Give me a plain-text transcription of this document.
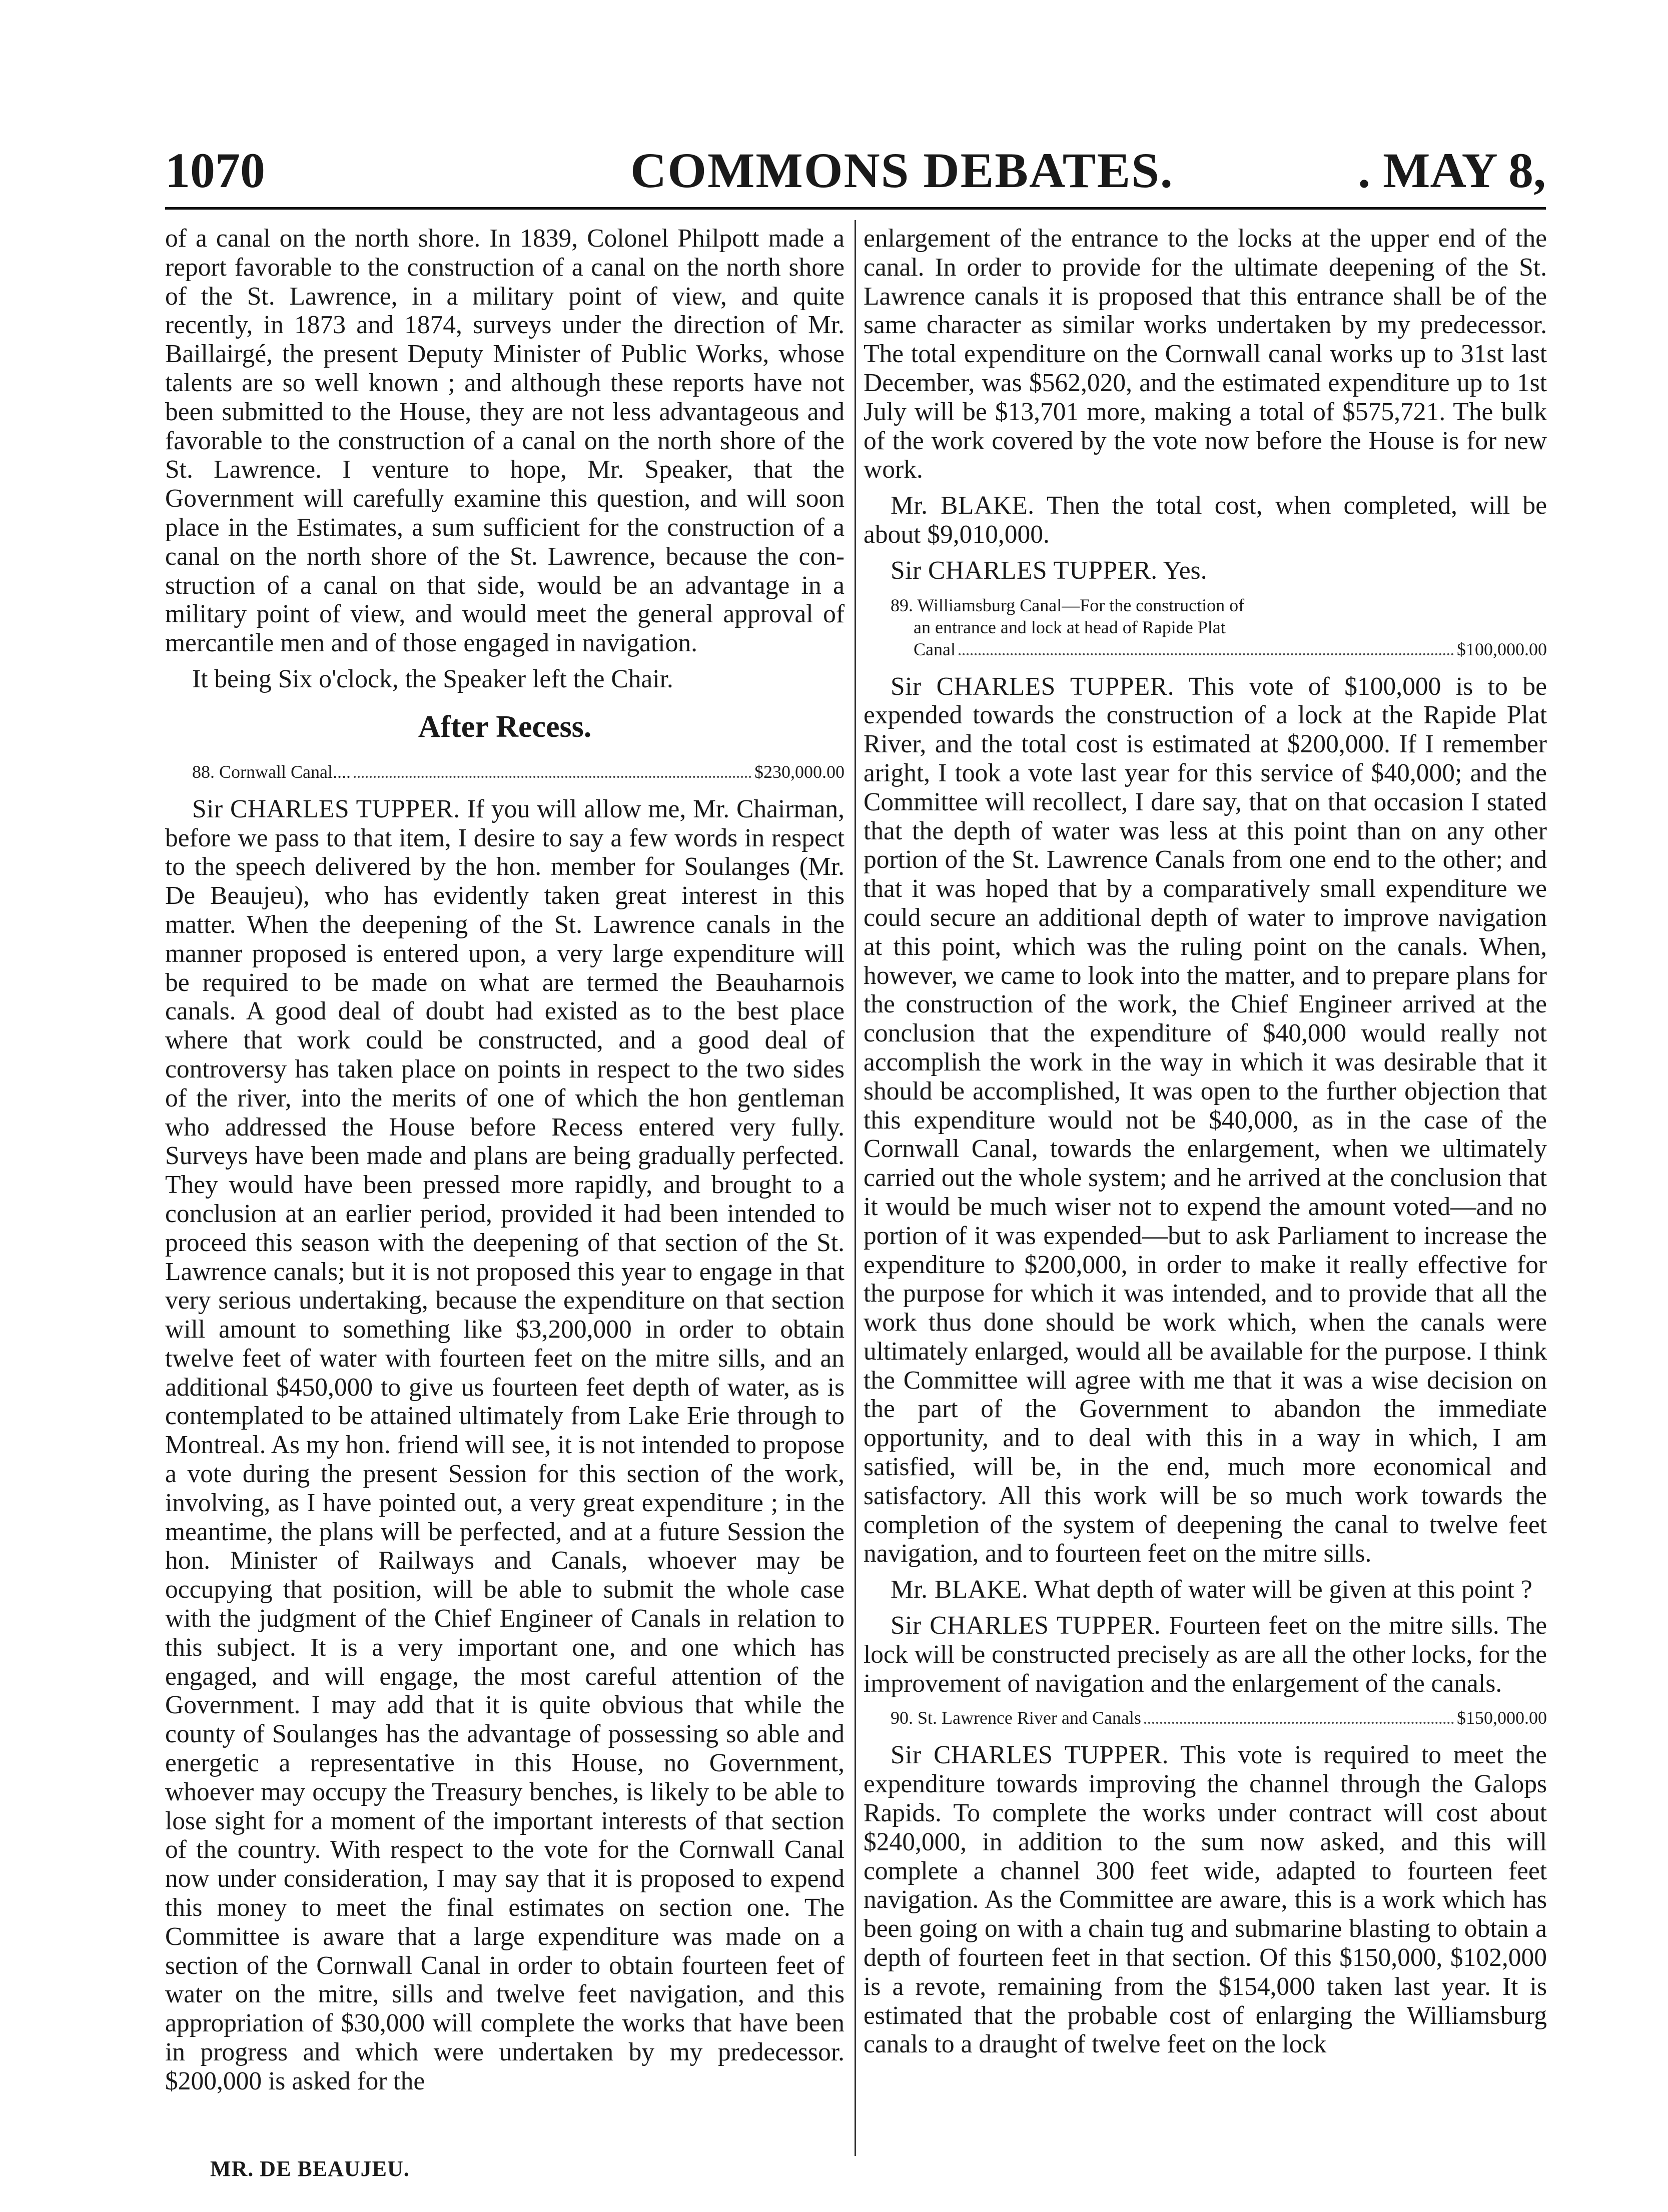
1070	COMMONS DEBATES.	. MAY 8,

of a canal on the north shore. In 1839, Colonel Philpott made a report favorable to the construction of a canal on the north shore of the St. Lawrence, in a military point of view, and quite recently, in 1873 and 1874, surveys under the direction of Mr. Baillairgé, the present Deputy Minister of Public Works, whose talents are so well known ; and although these reports have not been submitted to the House, they are not less advantageous and favorable to the construction of a canal on the north shore of the St. Lawrence. I venture to hope, Mr. Speaker, that the Government will carefully examine this question, and will soon place in the Estimates, a sum sufficient for the construction of a canal on the north shore of the St. Lawrence, because the construction of a canal on that side, would be an advantage in a military point of view, and would meet the general approval of mercantile men and of those engaged in navigation.

It being Six o'clock, the Speaker left the Chair.

After Recess.
88. Cornwall Canal....	$230,000.00

Sir CHARLES TUPPER. If you will allow me, Mr. Chairman, before we pass to that item, I desire to say a few words in respect to the speech delivered by the hon. member for Soulanges (Mr. De Beaujeu), who has evidently taken great interest in this matter. When the deepening of the St. Lawrence canals in the manner proposed is entered upon, a very large expenditure will be required to be made on what are termed the Beauharnois canals. A good deal of doubt had existed as to the best place where that work could be constructed, and a good deal of controversy has taken place on points in respect to the two sides of the river, into the merits of one of which the hon gentleman who addressed the House before Recess entered very fully. Surveys have been made and plans are being gradually perfected. They would have been pressed more rapidly, and brought to a conclusion at an earlier period, provided it had been intended to proceed this season with the deepening of that section of the St. Lawrence canals; but it is not proposed this year to engage in that very serious undertaking, because the expenditure on that section will amount to something like $3,200,000 in order to obtain twelve feet of water with fourteen feet on the mitre sills, and an additional $450,000 to give us fourteen feet depth of water, as is contemplated to be attained ultimately from Lake Erie through to Montreal. As my hon. friend will see, it is not intended to propose a vote during the present Session for this section of the work, involving, as I have pointed out, a very great expenditure ; in the meantime, the plans will be perfected, and at a future Session the hon. Minister of Railways and Canals, whoever may be occupying that position, will be able to submit the whole case with the judgment of the Chief Engineer of Canals in relation to this subject. It is a very important one, and one which has engaged, and will engage, the most careful attention of the Government. I may add that it is quite obvious that while the county of Soulanges has the advantage of possessing so able and energetic a representative in this House, no Government, whoever may occupy the Treasury benches, is likely to be able to lose sight for a moment of the important interests of that section of the country. With respect to the vote for the Cornwall Canal now under consideration, I may say that it is proposed to expend this money to meet the final estimates on section one. The Committee is aware that a large expenditure was made on a section of the Cornwall Canal in order to obtain fourteen feet of water on the mitre, sills and twelve feet navigation, and this appropriation of $30,000 will complete the works that have been in progress and which were undertaken by my predecessor. $200,000 is asked for the

enlargement of the entrance to the locks at the upper end of the canal. In order to provide for the ultimate deepening of the St. Lawrence canals it is proposed that this entrance shall be of the same character as similar works undertaken by my predecessor. The total expenditure on the Cornwall canal works up to 31st last December, was $562,020, and the estimated expenditure up to 1st July will be $13,701 more, making a total of $575,721. The bulk of the work covered by the vote now before the House is for new work.

Mr. BLAKE. Then the total cost, when completed, will be about $9,010,000.

Sir CHARLES TUPPER. Yes.

89. Williamsburg Canal—For the construction of
an entrance and lock at head of Rapide Plat
Canal	$100,000.00

Sir CHARLES TUPPER. This vote of $100,000 is to be expended towards the construction of a lock at the Rapide Plat River, and the total cost is estimated at $200,000. If I remember aright, I took a vote last year for this service of $40,000; and the Committee will recollect, I dare say, that on that occasion I stated that the depth of water was less at this point than on any other portion of the St. Lawrence Canals from one end to the other; and that it was hoped that by a comparatively small expenditure we could secure an additional depth of water to improve navigation at this point, which was the ruling point on the canals. When, however, we came to look into the matter, and to prepare plans for the construction of the work, the Chief Engineer arrived at the conclusion that the expenditure of $40,000 would really not accomplish the work in the way in which it was desirable that it should be accomplished, It was open to the further objection that this expenditure would not be $40,000, as in the case of the Cornwall Canal, towards the enlargement, when we ultimately carried out the whole system; and he arrived at the conclusion that it would be much wiser not to expend the amount voted—and no portion of it was expended—but to ask Parliament to increase the expenditure to $200,000, in order to make it really effective for the purpose for which it was intended, and to provide that all the work thus done should be work which, when the canals were ultimately enlarged, would all be available for the purpose. I think the Committee will agree with me that it was a wise decision on the part of the Government to abandon the immediate opportunity, and to deal with this in a way in which, I am satisfied, will be, in the end, much more economical and satisfactory. All this work will be so much work towards the completion of the system of deepening the canal to twelve feet navigation, and to fourteen feet on the mitre sills.

Mr. BLAKE. What depth of water will be given at this point ?

Sir CHARLES TUPPER. Fourteen feet on the mitre sills. The lock will be constructed precisely as are all the other locks, for the improvement of navigation and the enlargement of the canals.

90. St. Lawrence River and Canals	$150,000.00

Sir CHARLES TUPPER. This vote is required to meet the expenditure towards improving the channel through the Galops Rapids. To complete the works under contract will cost about $240,000, in addition to the sum now asked, and this will complete a channel 300 feet wide, adapted to fourteen feet navigation. As the Committee are aware, this is a work which has been going on with a chain tug and submarine blasting to obtain a depth of fourteen feet in that section. Of this $150,000, $102,000 is a revote, remaining from the $154,000 taken last year. It is estimated that the probable cost of enlarging the Williamsburg canals to a draught of twelve feet on the lock

MR. DE BEAUJEU.
